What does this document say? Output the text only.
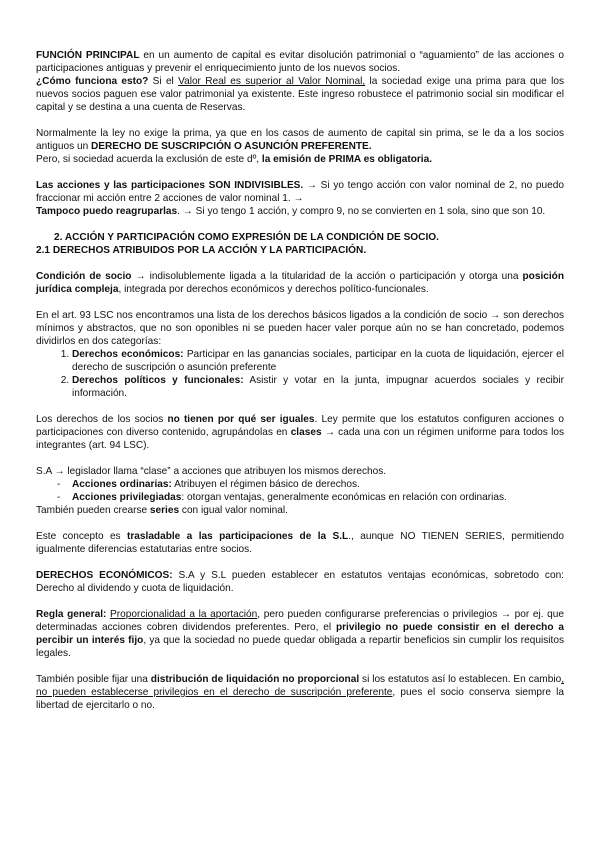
FUNCIÓN PRINCIPAL en un aumento de capital es evitar disolución patrimonial o “aguamiento” de las acciones o participaciones antiguas y prevenir el enriquecimiento junto de los nuevos socios.

¿Cómo funciona esto? Si el Valor Real es superior al Valor Nominal, la sociedad exige una prima para que los nuevos socios paguen ese valor patrimonial ya existente. Este ingreso robustece el patrimonio social sin modificar el capital y se destina a una cuenta de Reservas.

Normalmente la ley no exige la prima, ya que en los casos de aumento de capital sin prima, se le da a los socios antiguos un DERECHO DE SUSCRIPCIÓN O ASUNCIÓN PREFERENTE.

Pero, si sociedad acuerda la exclusión de este dº, la emisión de PRIMA es obligatoria.

Las acciones y las participaciones SON INDIVISIBLES. → Si yo tengo acción con valor nominal de 2, no puedo fraccionar mi acción entre 2 acciones de valor nominal 1. →

Tampoco puedo reagruparlas. → Si yo tengo 1 acción, y compro 9, no se convierten en 1 sola, sino que son 10.

2. ACCIÓN Y PARTICIPACIÓN COMO EXPRESIÓN DE LA CONDICIÓN DE SOCIO.

2.1 DERECHOS ATRIBUIDOS POR LA ACCIÓN Y LA PARTICIPACIÓN.

Condición de socio → indisolublemente ligada a la titularidad de la acción o participación y otorga una posición jurídica compleja, integrada por derechos económicos y derechos político-funcionales.

En el art. 93 LSC nos encontramos una lista de los derechos básicos ligados a la condición de socio → son derechos mínimos y abstractos, que no son oponibles ni se pueden hacer valer porque aún no se han concretado, podemos dividirlos en dos categorías:

1. Derechos económicos: Participar en las ganancias sociales, participar en la cuota de liquidación, ejercer el derecho de suscripción o asunción preferente
2. Derechos políticos y funcionales: Asistir y votar en la junta, impugnar acuerdos sociales y recibir información.

Los derechos de los socios no tienen por qué ser iguales. Ley permite que los estatutos configuren acciones o participaciones con diverso contenido, agrupándolas en clases → cada una con un régimen uniforme para todos los integrantes (art. 94 LSC).

S.A → legislador llama “clase” a acciones que atribuyen los mismos derechos.

- Acciones ordinarias: Atribuyen el régimen básico de derechos.
- Acciones privilegiadas: otorgan ventajas, generalmente económicas en relación con ordinarias.

También pueden crearse series con igual valor nominal.

Este concepto es trasladable a las participaciones de la S.L., aunque NO TIENEN SERIES, permitiendo igualmente diferencias estatutarias entre socios.

DERECHOS ECONÓMICOS: S.A y S.L pueden establecer en estatutos ventajas económicas, sobretodo con: Derecho al dividendo y cuota de liquidación.

Regla general: Proporcionalidad a la aportación, pero pueden configurarse preferencias o privilegios → por ej. que determinadas acciones cobren dividendos preferentes. Pero, el privilegio no puede consistir en el derecho a percibir un interés fijo, ya que la sociedad no puede quedar obligada a repartir beneficios sin cumplir los requisitos legales.

También posible fijar una distribución de liquidación no proporcional si los estatutos así lo establecen. En cambio, no pueden establecerse privilegios en el derecho de suscripción preferente, pues el socio conserva siempre la libertad de ejercitarlo o no.
